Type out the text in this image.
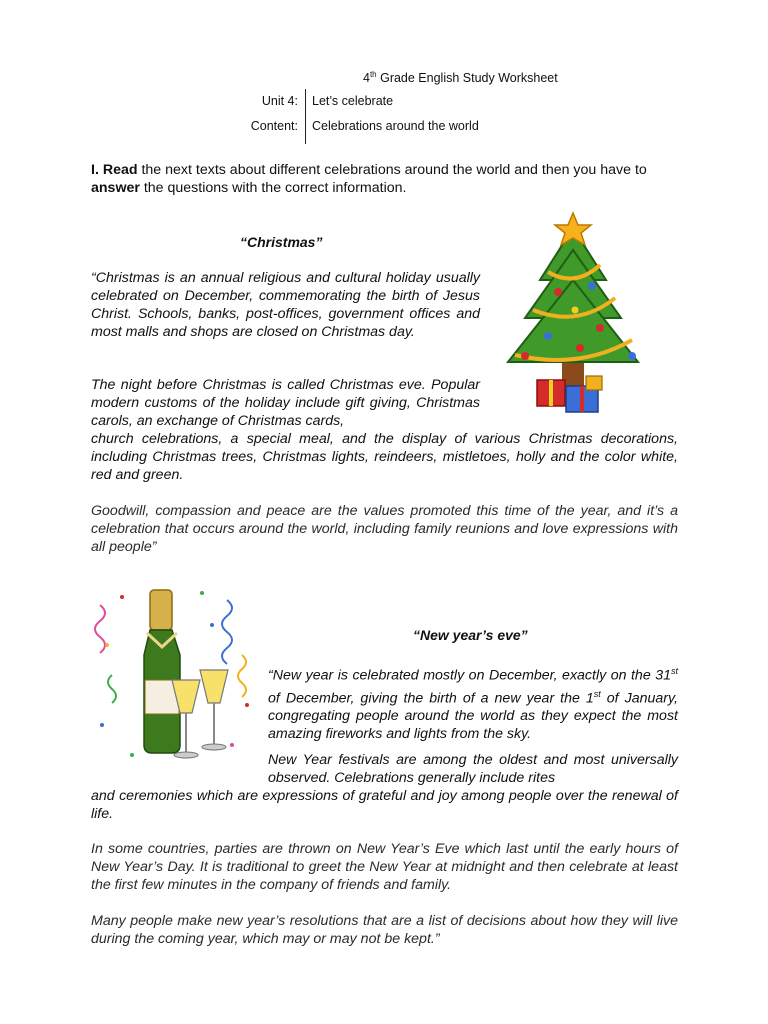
4th Grade English Study Worksheet
Unit 4: Let’s celebrate
Content: Celebrations around the world
I. Read the next texts about different celebrations around the world and then you have to answer the questions with the correct information.
“Christmas”

“Christmas is an annual religious and cultural holiday usually celebrated on December, commemorating the birth of Jesus Christ. Schools, banks, post-offices, government offices and most malls and shops are closed on Christmas day.

The night before Christmas is called Christmas eve. Popular modern customs of the holiday include gift giving, Christmas carols, an exchange of Christmas cards,

church celebrations, a special meal, and the display of various Christmas decorations, including Christmas trees, Christmas lights, reindeers, mistletoes, holly and the color white, red and green.

Goodwill, compassion and peace are the values promoted this time of the year, and it’s a celebration that occurs around the world, including family reunions and love expressions with all people”

“New year’s eve”

“New year is celebrated mostly on December, exactly on the 31st of December, giving the birth of a new year the 1st of January, congregating people around the world as they expect the most amazing fireworks and lights from the sky.

New Year festivals are among the oldest and most universally observed. Celebrations generally include rites

and ceremonies which are expressions of grateful and joy among people over the renewal of life.

In some countries, parties are thrown on New Year’s Eve which last until the early hours of New Year’s Day. It is traditional to greet the New Year at midnight and then celebrate at least the first few minutes in the company of friends and family.

Many people make new year’s resolutions that are a list of decisions about how they will live during the coming year, which may or may not be kept.”
